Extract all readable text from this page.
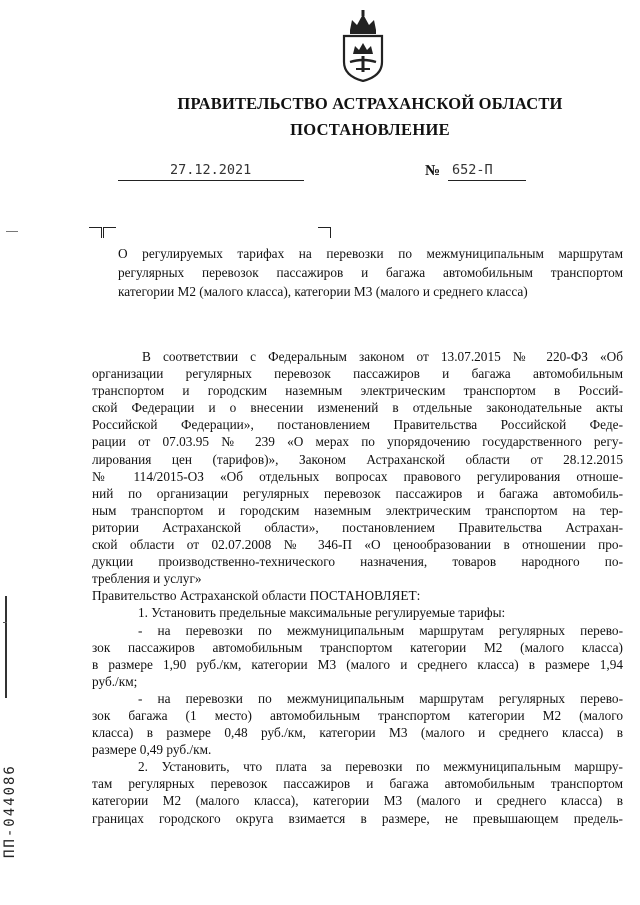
ПРАВИТЕЛЬСТВО АСТРАХАНСКОЙ ОБЛАСТИ
ПОСТАНОВЛЕНИЕ
27.12.2021	№ 652-П
О регулируемых тарифах на перевозки по межмуниципальным маршрутам
регулярных перевозок пассажиров и багажа автомобильным транспортом
категории М2 (малого класса), категории М3 (малого и среднего класса)
В соответствии с Федеральным законом от 13.07.2015 № 220-ФЗ «Об
организации регулярных перевозок пассажиров и багажа автомобильным
транспортом и городским наземным электрическим транспортом в Россий-
ской Федерации и о внесении изменений в отдельные законодательные акты
Российской Федерации», постановлением Правительства Российской Феде-
рации от 07.03.95 № 239 «О мерах по упорядочению государственного регу-
лирования цен (тарифов)», Законом Астраханской области от 28.12.2015
№ 114/2015-ОЗ «Об отдельных вопросах правового регулирования отноше-
ний по организации регулярных перевозок пассажиров и багажа автомобиль-
ным транспортом и городским наземным электрическим транспортом на тер-
ритории Астраханской области», постановлением Правительства Астрахан-
ской области от 02.07.2008 № 346-П «О ценообразовании в отношении про-
дукции производственно-технического назначения, товаров народного по-
требления и услуг»
Правительство Астраханской области ПОСТАНОВЛЯЕТ:
1. Установить предельные максимальные регулируемые тарифы:
- на перевозки по межмуниципальным маршрутам регулярных перево-
зок пассажиров автомобильным транспортом категории М2 (малого класса)
в размере 1,90 руб./км, категории М3 (малого и среднего класса) в размере 1,94
руб./км;
- на перевозки по межмуниципальным маршрутам регулярных перево-
зок багажа (1 место) автомобильным транспортом категории М2 (малого
класса) в размере 0,48 руб./км, категории М3 (малого и среднего класса) в
размере 0,49 руб./км.
2. Установить, что плата за перевозки по межмуниципальным маршру-
там регулярных перевозок пассажиров и багажа автомобильным транспортом
категории М2 (малого класса), категории М3 (малого и среднего класса) в
границах городского округа взимается в размере, не превышающем предель-
ПП-044086
